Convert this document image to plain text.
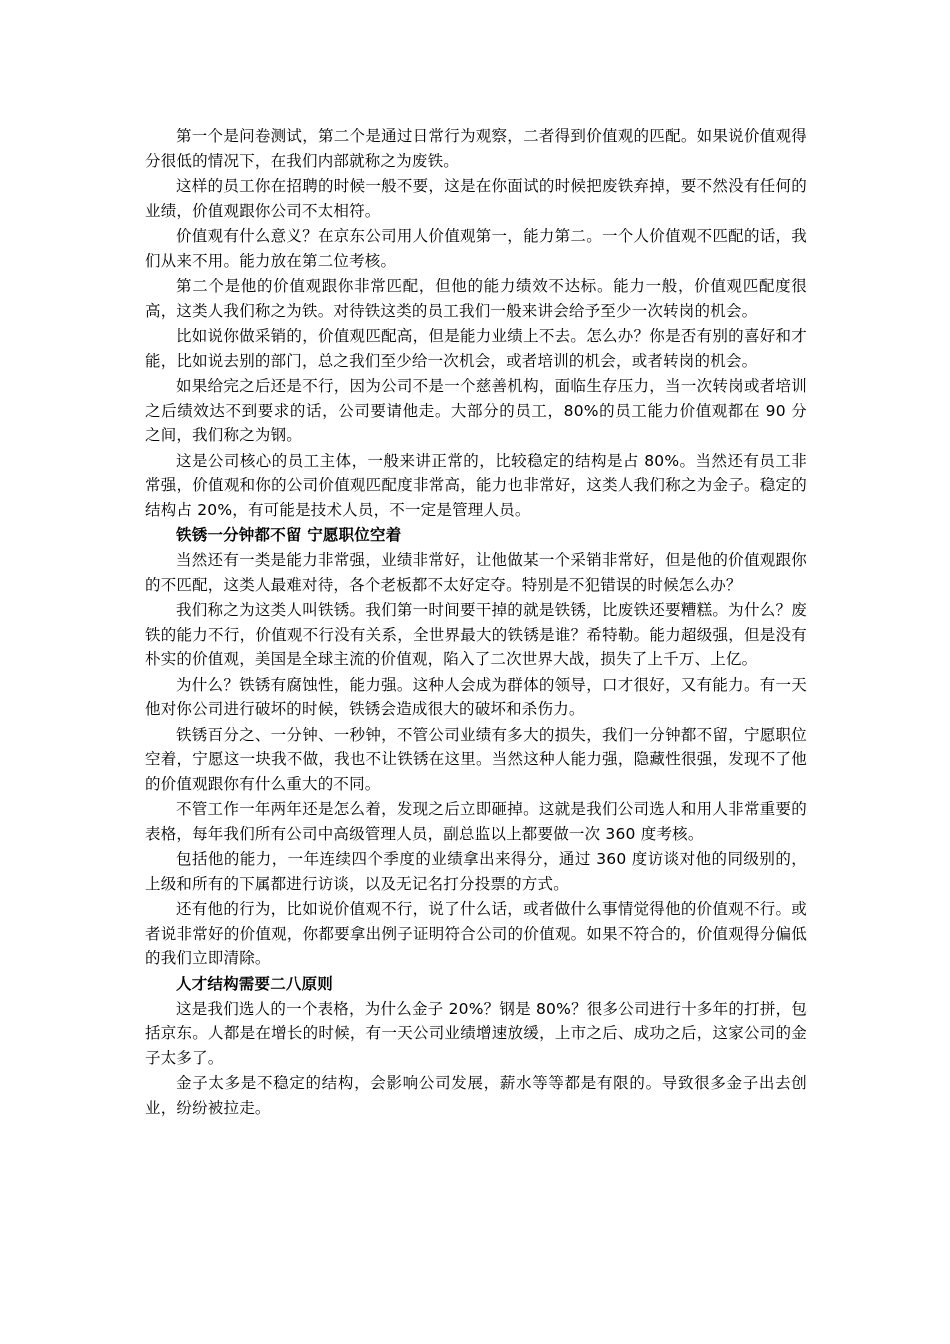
第一个是问卷测试，第二个是通过日常行为观察，二者得到价值观的匹配。如果说价值观得分很低的情况下，在我们内部就称之为废铁。

这样的员工你在招聘的时候一般不要，这是在你面试的时候把废铁弃掉，要不然没有任何的业绩，价值观跟你公司不太相符。

价值观有什么意义？在京东公司用人价值观第一，能力第二。一个人价值观不匹配的话，我们从来不用。能力放在第二位考核。

第二个是他的价值观跟你非常匹配，但他的能力绩效不达标。能力一般，价值观匹配度很高，这类人我们称之为铁。对待铁这类的员工我们一般来讲会给予至少一次转岗的机会。

比如说你做采销的，价值观匹配高，但是能力业绩上不去。怎么办？你是否有别的喜好和才能，比如说去别的部门，总之我们至少给一次机会，或者培训的机会，或者转岗的机会。

如果给完之后还是不行，因为公司不是一个慈善机构，面临生存压力，当一次转岗或者培训之后绩效达不到要求的话，公司要请他走。大部分的员工，80%的员工能力价值观都在 90 分之间，我们称之为钢。

这是公司核心的员工主体，一般来讲正常的，比较稳定的结构是占 80%。当然还有员工非常强，价值观和你的公司价值观匹配度非常高，能力也非常好，这类人我们称之为金子。稳定的结构占 20%，有可能是技术人员，不一定是管理人员。

铁锈一分钟都不留 宁愿职位空着

当然还有一类是能力非常强，业绩非常好，让他做某一个采销非常好，但是他的价值观跟你的不匹配，这类人最难对待，各个老板都不太好定夺。特别是不犯错误的时候怎么办？

我们称之为这类人叫铁锈。我们第一时间要干掉的就是铁锈，比废铁还要糟糕。为什么？废铁的能力不行，价值观不行没有关系，全世界最大的铁锈是谁？希特勒。能力超级强，但是没有朴实的价值观，美国是全球主流的价值观，陷入了二次世界大战，损失了上千万、上亿。

为什么？铁锈有腐蚀性，能力强。这种人会成为群体的领导，口才很好，又有能力。有一天他对你公司进行破坏的时候，铁锈会造成很大的破坏和杀伤力。

铁锈百分之、一分钟、一秒钟，不管公司业绩有多大的损失，我们一分钟都不留，宁愿职位空着，宁愿这一块我不做，我也不让铁锈在这里。当然这种人能力强，隐藏性很强，发现不了他的价值观跟你有什么重大的不同。

不管工作一年两年还是怎么着，发现之后立即砸掉。这就是我们公司选人和用人非常重要的表格，每年我们所有公司中高级管理人员，副总监以上都要做一次 360 度考核。

包括他的能力，一年连续四个季度的业绩拿出来得分，通过 360 度访谈对他的同级别的，上级和所有的下属都进行访谈，以及无记名打分投票的方式。

还有他的行为，比如说价值观不行，说了什么话，或者做什么事情觉得他的价值观不行。或者说非常好的价值观，你都要拿出例子证明符合公司的价值观。如果不符合的，价值观得分偏低的我们立即清除。

人才结构需要二八原则

这是我们选人的一个表格，为什么金子 20%？钢是 80%？很多公司进行十多年的打拼，包括京东。人都是在增长的时候，有一天公司业绩增速放缓，上市之后、成功之后，这家公司的金子太多了。

金子太多是不稳定的结构，会影响公司发展，薪水等等都是有限的。导致很多金子出去创业，纷纷被拉走。
